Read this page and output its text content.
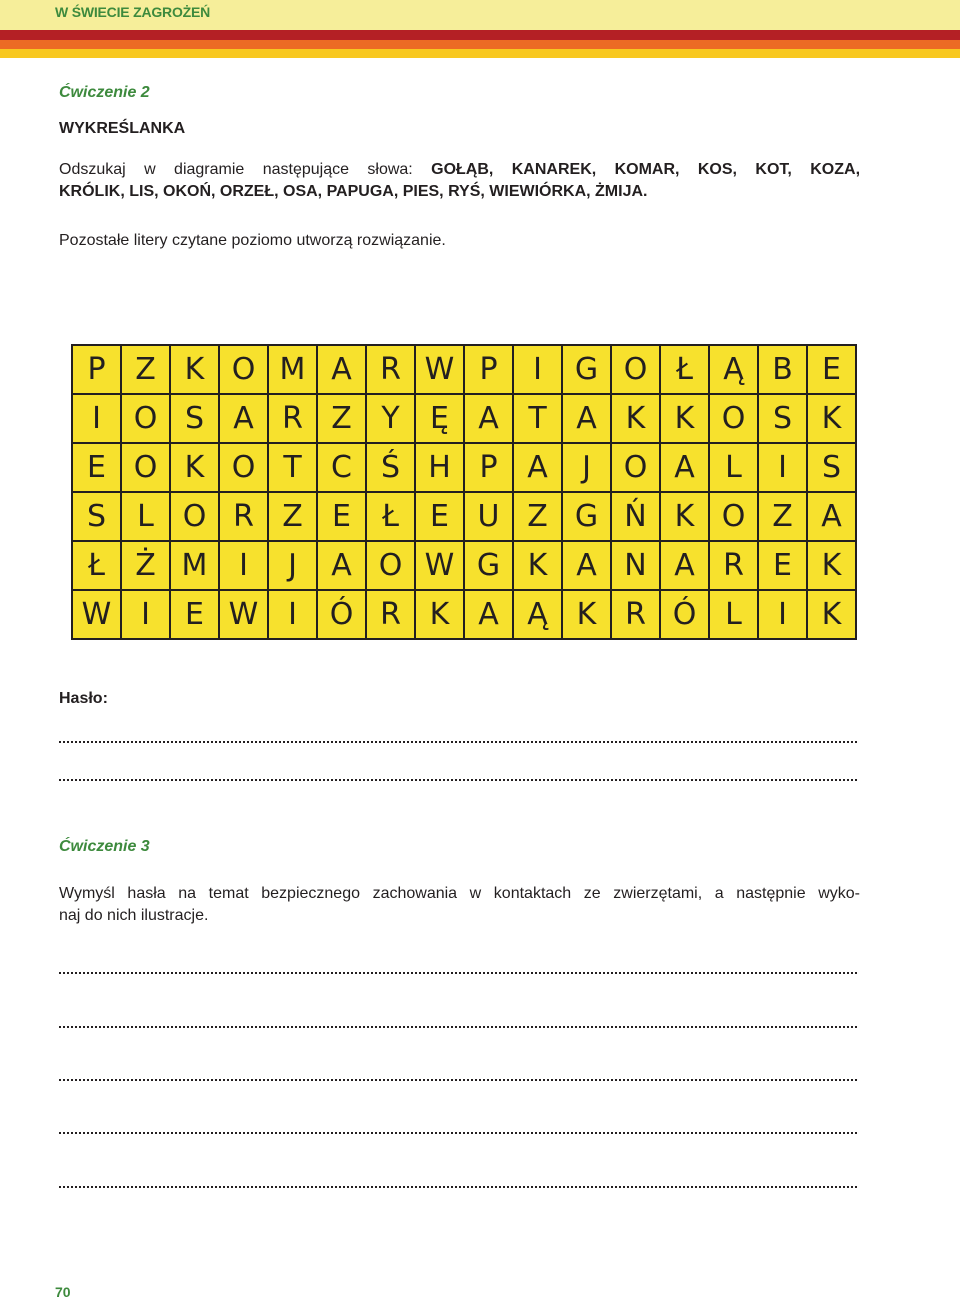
W ŚWIECIE ZAGROŻEŃ
Ćwiczenie 2
WYKREŚLANKA
Odszukaj w diagramie następujące słowa: GOŁĄB, KANAREK, KOMAR, KOS, KOT, KOZA,
KRÓLIK, LIS, OKOŃ, ORZEŁ, OSA, PAPUGA, PIES, RYŚ, WIEWIÓRKA, ŻMIJA.
Pozostałe litery czytane poziomo utworzą rozwiązanie.
P Z K O M A R W P	I	G O Ł	Ą B E
I	O S A R Z Y	Ę A T A K K O S K
E O K O T C Ś H P A	J	O A	L	I	S
S	L O R Z E	Ł	E U Z G Ń K O Z A
Ł	Ż M	I	J	A O W G K A N A R E K
W I	E W I	Ó R K A Ą K R Ó L	I	K
Hasło:
Ćwiczenie 3
Wymyśl hasła na temat bezpiecznego zachowania w kontaktach ze zwierzętami, a następnie wyko-
naj do nich ilustracje.
70
